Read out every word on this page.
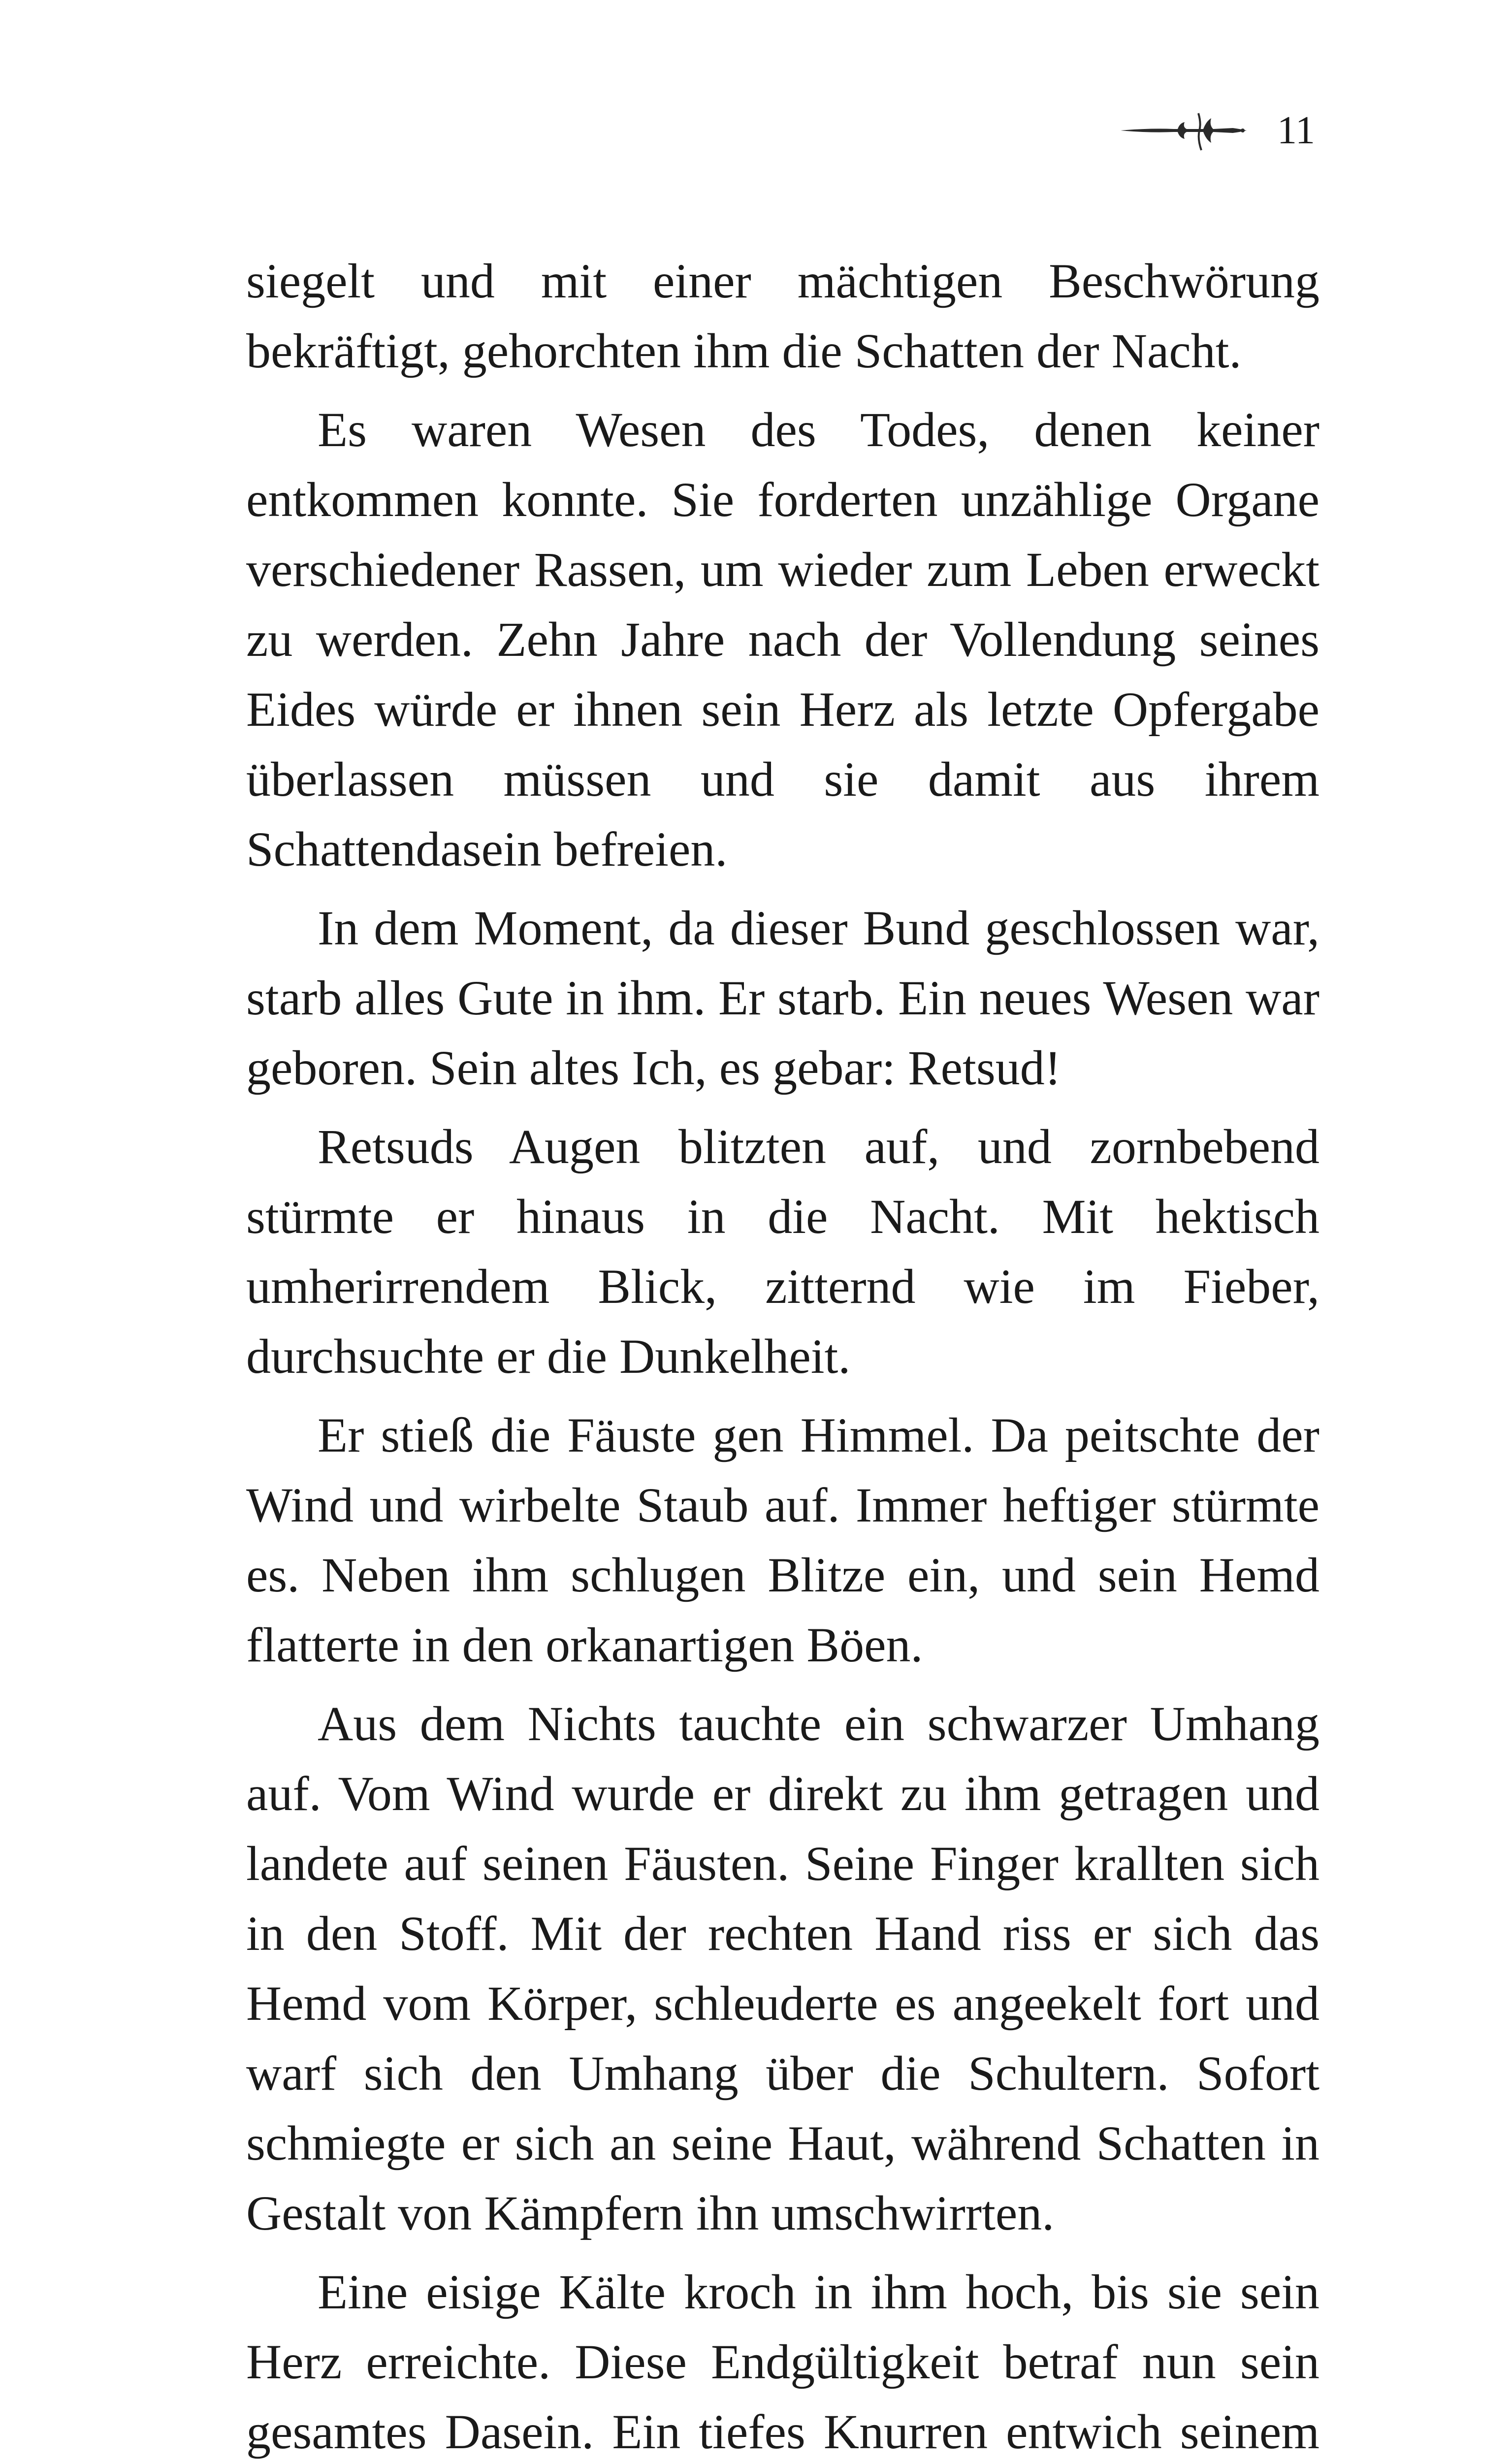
11

siegelt und mit einer mächtigen Beschwörung bekräftigt, gehorchten ihm die Schatten der Nacht.

Es waren Wesen des Todes, denen keiner entkommen konnte. Sie forderten unzählige Organe verschiedener Rassen, um wieder zum Leben erweckt zu werden. Zehn Jahre nach der Vollendung seines Eides würde er ihnen sein Herz als letzte Opfergabe überlassen müssen und sie damit aus ihrem Schattendasein befreien.

In dem Moment, da dieser Bund geschlossen war, starb alles Gute in ihm. Er starb. Ein neues Wesen war geboren. Sein altes Ich, es gebar: Retsud!

Retsuds Augen blitzten auf, und zornbebend stürmte er hinaus in die Nacht. Mit hektisch umherirrendem Blick, zitternd wie im Fieber, durchsuchte er die Dunkelheit.

Er stieß die Fäuste gen Himmel. Da peitschte der Wind und wirbelte Staub auf. Immer heftiger stürmte es. Neben ihm schlugen Blitze ein, und sein Hemd flatterte in den orkanartigen Böen.

Aus dem Nichts tauchte ein schwarzer Umhang auf. Vom Wind wurde er direkt zu ihm getragen und landete auf seinen Fäusten. Seine Finger krallten sich in den Stoff. Mit der rechten Hand riss er sich das Hemd vom Körper, schleuderte es angeekelt fort und warf sich den Umhang über die Schultern. Sofort schmiegte er sich an seine Haut, während Schatten in Gestalt von Kämpfern ihn umschwirrten.

Eine eisige Kälte kroch in ihm hoch, bis sie sein Herz erreichte. Diese Endgültigkeit betraf nun sein gesamtes Dasein. Ein tiefes Knurren entwich seinem
